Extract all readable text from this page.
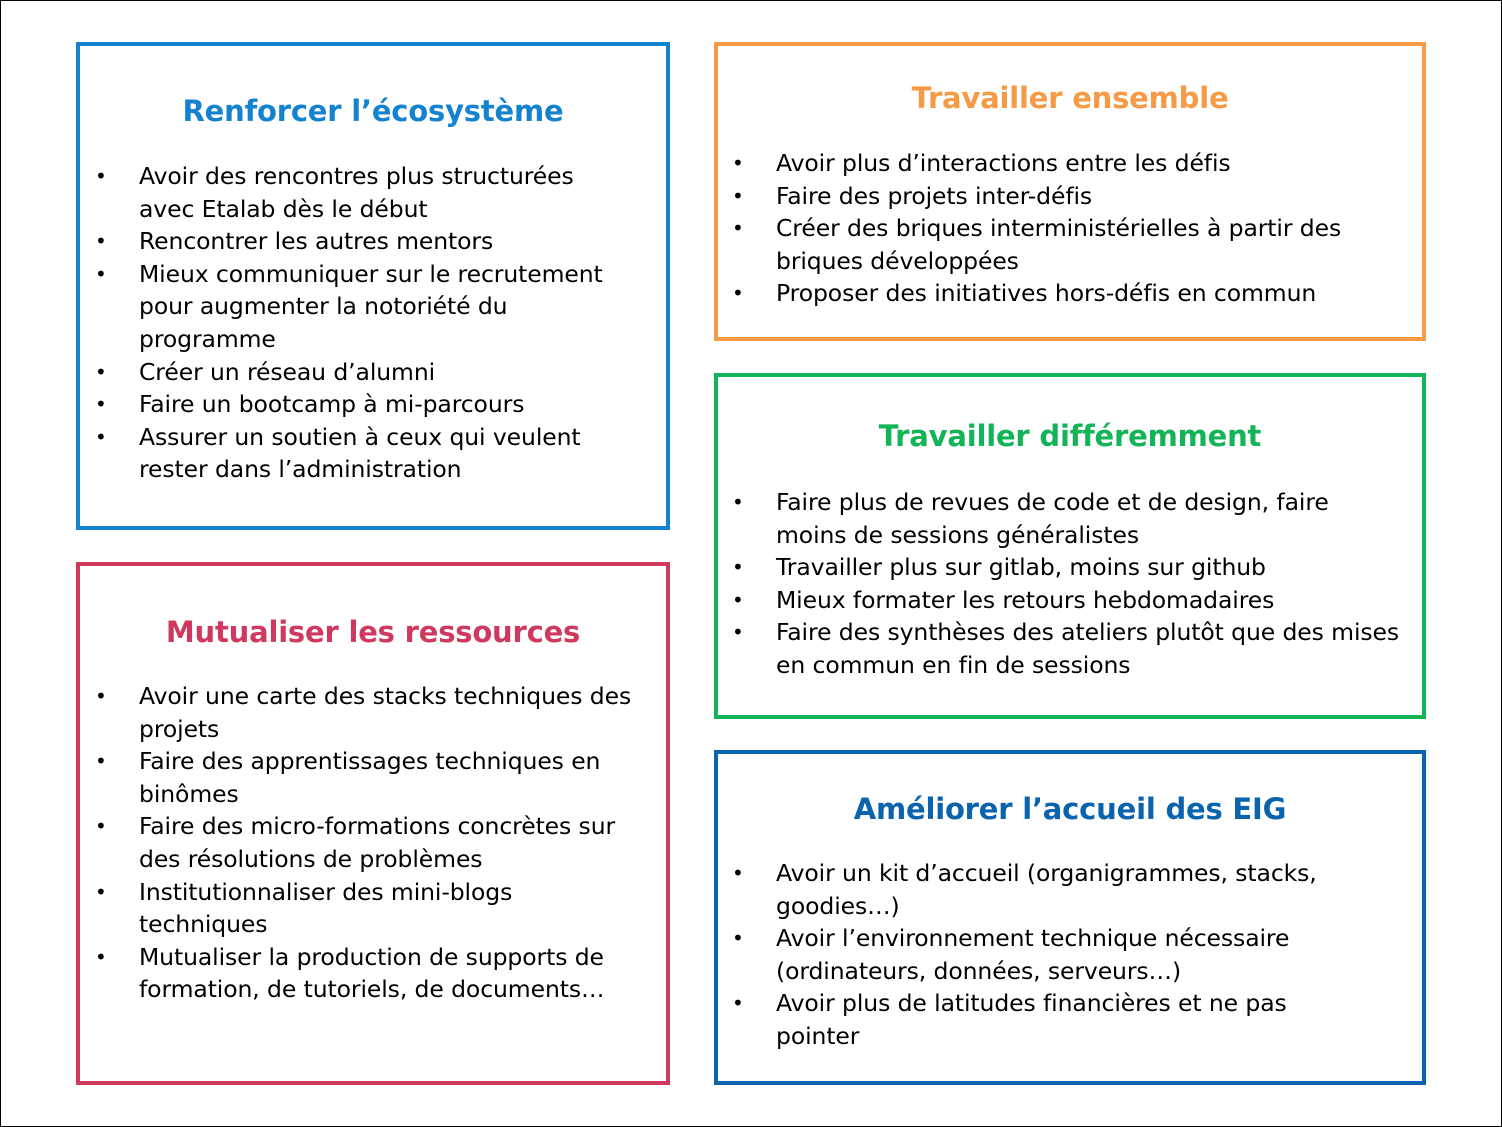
Renforcer l’écosystème
• Avoir des rencontres plus structurées avec Etalab dès le début
• Rencontrer les autres mentors
• Mieux communiquer sur le recrutement pour augmenter la notoriété du programme
• Créer un réseau d’alumni
• Faire un bootcamp à mi-parcours
• Assurer un soutien à ceux qui veulent rester dans l’administration
Mutualiser les ressources
• Avoir une carte des stacks techniques des projets
• Faire des apprentissages techniques en binômes
• Faire des micro-formations concrètes sur des résolutions de problèmes
• Institutionnaliser des mini-blogs techniques
• Mutualiser la production de supports de formation, de tutoriels, de documents…
Travailler ensemble
• Avoir plus d’interactions entre les défis
• Faire des projets inter-défis
• Créer des briques interministérielles à partir des briques développées
• Proposer des initiatives hors-défis en commun
Travailler différemment
• Faire plus de revues de code et de design, faire moins de sessions généralistes
• Travailler plus sur gitlab, moins sur github
• Mieux formater les retours hebdomadaires
• Faire des synthèses des ateliers plutôt que des mises en commun en fin de sessions
Améliorer l’accueil des EIG
• Avoir un kit d’accueil (organigrammes, stacks, goodies…)
• Avoir l’environnement technique nécessaire (ordinateurs, données, serveurs…)
• Avoir plus de latitudes financières et ne pas pointer
